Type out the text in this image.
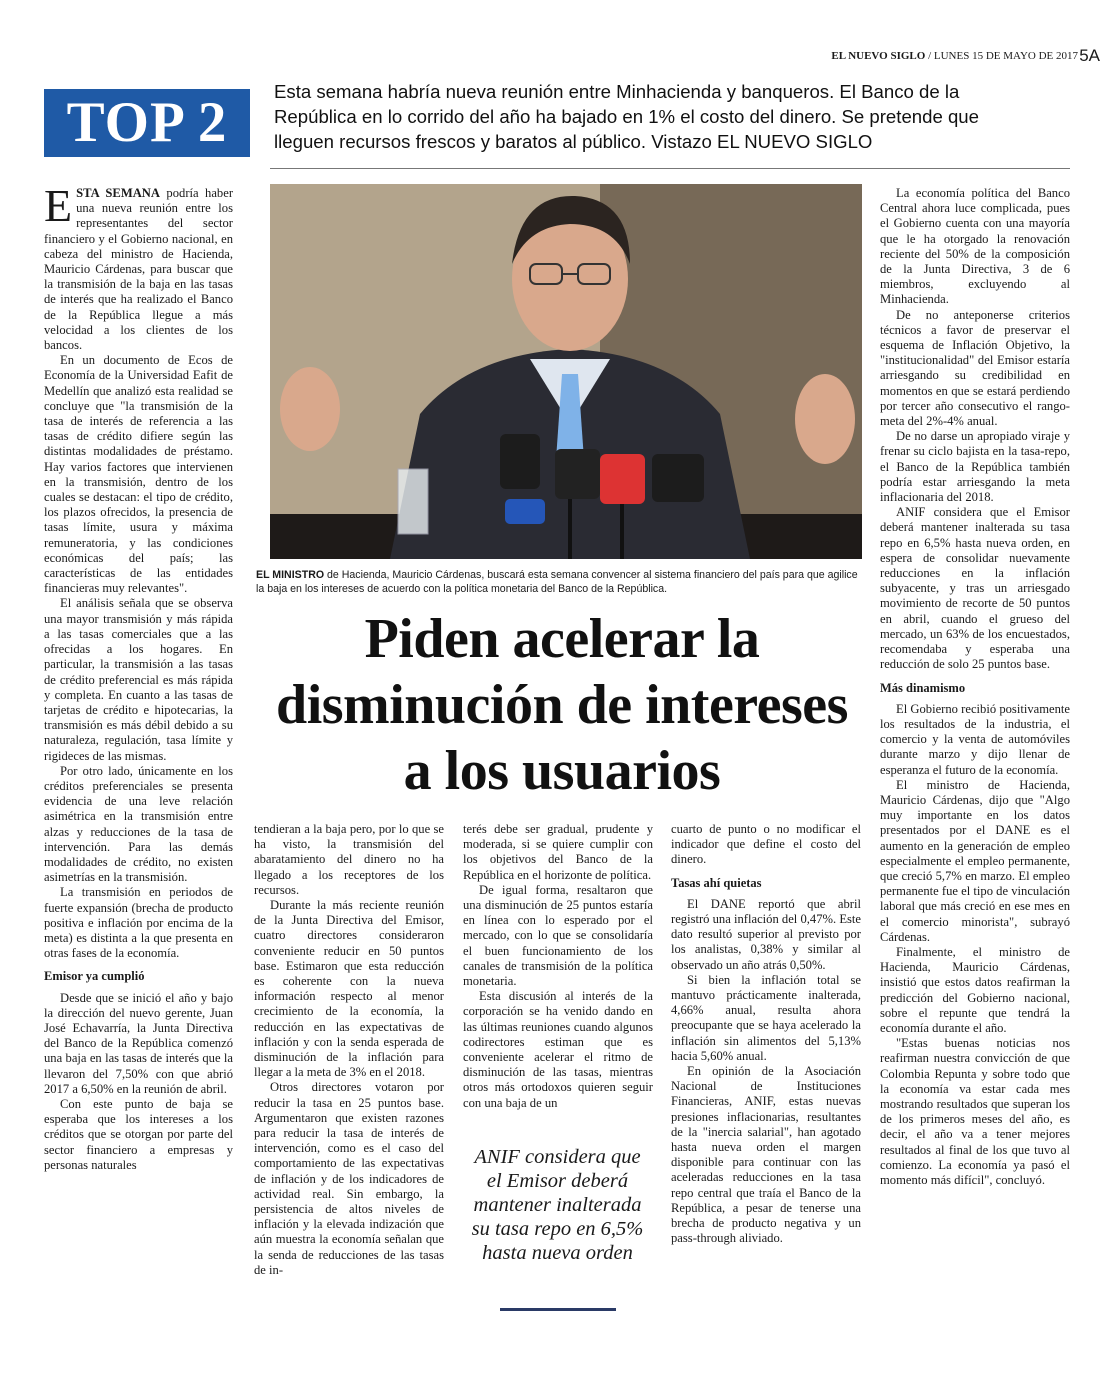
EL NUEVO SIGLO / LUNES 15 DE MAYO DE 2017 5A
TOP 2	Esta semana habría nueva reunión entre Minhacienda y banqueros. El Banco de la República en lo corrido del año ha bajado en 1% el costo del dinero. Se pretende que lleguen recursos frescos y baratos al público. Vistazo EL NUEVO SIGLO

ESTA SEMANA podría haber una nueva reunión entre los representantes del sector financiero y el Gobierno nacional, en cabeza del ministro de Hacienda, Mauricio Cárdenas, para buscar que la transmisión de la baja en las tasas de interés que ha realizado el Banco de la República llegue a más velocidad a los clientes de los bancos.

En un documento de Ecos de Economía de la Universidad Eafit de Medellín que analizó esta realidad se concluye que "la transmisión de la tasa de interés de referencia a las tasas de crédito difiere según las distintas modalidades de préstamo. Hay varios factores que intervienen en la transmisión, dentro de los cuales se destacan: el tipo de crédito, los plazos ofrecidos, la presencia de tasas límite, usura y máxima remuneratoria, y las condiciones económicas del país; las características de las entidades financieras muy relevantes".

El análisis señala que se observa una mayor transmisión y más rápida a las tasas comerciales que a las ofrecidas a los hogares. En particular, la transmisión a las tasas de crédito preferencial es más rápida y completa. En cuanto a las tasas de tarjetas de crédito e hipotecarias, la transmisión es más débil debido a su naturaleza, regulación, tasa límite y rigideces de las mismas.

Por otro lado, únicamente en los créditos preferenciales se presenta evidencia de una leve relación asimétrica en la transmisión entre alzas y reducciones de la tasa de intervención. Para las demás modalidades de crédito, no existen asimetrías en la transmisión.

La transmisión en periodos de fuerte expansión (brecha de producto positiva e inflación por encima de la meta) es distinta a la que presenta en otras fases de la economía.

Emisor ya cumplió

Desde que se inició el año y bajo la dirección del nuevo gerente, Juan José Echavarría, la Junta Directiva del Banco de la República comenzó una baja en las tasas de interés que la llevaron del 7,50% con que abrió 2017 a 6,50% en la reunión de abril.

Con este punto de baja se esperaba que los intereses a los créditos que se otorgan por parte del sector financiero a empresas y personas naturales

EL MINISTRO de Hacienda, Mauricio Cárdenas, buscará esta semana convencer al sistema financiero del país para que agilice la baja en los intereses de acuerdo con la política monetaria del Banco de la República.
Piden acelerar la disminución de intereses a los usuarios

tendieran a la baja pero, por lo que se ha visto, la transmisión del abaratamiento del dinero no ha llegado a los receptores de los recursos.

Durante la más reciente reunión de la Junta Directiva del Emisor, cuatro directores consideraron conveniente reducir en 50 puntos base. Estimaron que esta reducción es coherente con la nueva información respecto al menor crecimiento de la economía, la reducción en las expectativas de inflación y con la senda esperada de disminución de la inflación para llegar a la meta de 3% en el 2018.

Otros directores votaron por reducir la tasa en 25 puntos base. Argumentaron que existen razones para reducir la tasa de interés de intervención, como es el caso del comportamiento de las expectativas de inflación y de los indicadores de actividad real. Sin embargo, la persistencia de altos niveles de inflación y la elevada indización que aún muestra la economía señalan que la senda de reducciones de las tasas de in-

terés debe ser gradual, prudente y moderada, si se quiere cumplir con los objetivos del Banco de la República en el horizonte de política.

De igual forma, resaltaron que una disminución de 25 puntos estaría en línea con lo esperado por el mercado, con lo que se consolidaría el buen funcionamiento de los canales de transmisión de la política monetaria.

Esta discusión al interés de la corporación se ha venido dando en las últimas reuniones cuando algunos codirectores estiman que es conveniente acelerar el ritmo de disminución de las tasas, mientras otros más ortodoxos quieren seguir con una baja de un

ANIF considera que el Emisor deberá mantener inalterada su tasa repo en 6,5% hasta nueva orden

cuarto de punto o no modificar el indicador que define el costo del dinero.

Tasas ahí quietas

El DANE reportó que abril registró una inflación del 0,47%. Este dato resultó superior al previsto por los analistas, 0,38% y similar al observado un año atrás 0,50%.

Si bien la inflación total se mantuvo prácticamente inalterada, 4,66% anual, resulta ahora preocupante que se haya acelerado la inflación sin alimentos del 5,13% hacia 5,60% anual.

En opinión de la Asociación Nacional de Instituciones Financieras, ANIF, estas nuevas presiones inflacionarias, resultantes de la "inercia salarial", han agotado hasta nueva orden el margen disponible para continuar con las aceleradas reducciones en la tasa repo central que traía el Banco de la República, a pesar de tenerse una brecha de producto negativa y un pass-through aliviado.

La economía política del Banco Central ahora luce complicada, pues el Gobierno cuenta con una mayoría que le ha otorgado la renovación reciente del 50% de la composición de la Junta Directiva, 3 de 6 miembros, excluyendo al Minhacienda.

De no anteponerse criterios técnicos a favor de preservar el esquema de Inflación Objetivo, la "institucionalidad" del Emisor estaría arriesgando su credibilidad en momentos en que se estará perdiendo por tercer año consecutivo el rango-meta del 2%-4% anual.

De no darse un apropiado viraje y frenar su ciclo bajista en la tasa-repo, el Banco de la República también podría estar arriesgando la meta inflacionaria del 2018.

ANIF considera que el Emisor deberá mantener inalterada su tasa repo en 6,5% hasta nueva orden, en espera de consolidar nuevamente reducciones en la inflación subyacente, y tras un arriesgado movimiento de recorte de 50 puntos en abril, cuando el grueso del mercado, un 63% de los encuestados, recomendaba y esperaba una reducción de solo 25 puntos base.

Más dinamismo

El Gobierno recibió positivamente los resultados de la industria, el comercio y la venta de automóviles durante marzo y dijo llenar de esperanza el futuro de la economía.

El ministro de Hacienda, Mauricio Cárdenas, dijo que "Algo muy importante en los datos presentados por el DANE es el aumento en la generación de empleo especialmente el empleo permanente, que creció 5,7% en marzo. El empleo permanente fue el tipo de vinculación laboral que más creció en ese mes en el comercio minorista", subrayó Cárdenas.

Finalmente, el ministro de Hacienda, Mauricio Cárdenas, insistió que estos datos reafirman la predicción del Gobierno nacional, sobre el repunte que tendrá la economía durante el año.

"Estas buenas noticias nos reafirman nuestra convicción de que Colombia Repunta y sobre todo que la economía va estar cada mes mostrando resultados que superan los de los primeros meses del año, es decir, el año va a tener mejores resultados al final de los que tuvo al comienzo. La economía ya pasó el momento más difícil", concluyó.
